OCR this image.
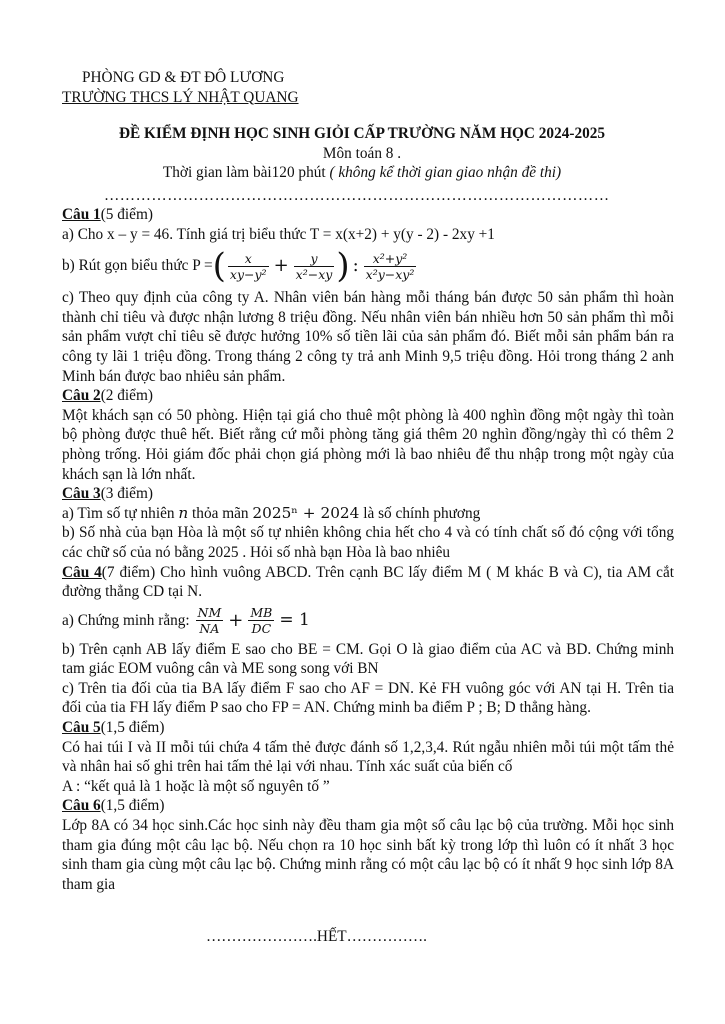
PHÒNG GD & ĐT ĐÔ LƯƠNG
TRƯỜNG THCS LÝ NHẬT QUANG
ĐỀ KIỂM ĐỊNH HỌC SINH GIỎI CẤP TRƯỜNG NĂM HỌC 2024-2025
Môn toán 8 .
Thời gian làm bài120 phút ( không kể thời gian giao nhận đề thi)
……………………………………………………………………………………
Câu 1(5 điểm)

a) Cho x – y = 46. Tính giá trị biểu thức T = x(x+2) + y(y - 2) - 2xy +1

b) Rút gọn biểu thức P = ( $\frac{x}{\text{xy−y²}} + \frac{y}{\text{x²−xy}}$ ) : $\frac{\text{x²+y²}}{\text{x²y−xy²}}$

c) Theo quy định của công ty A. Nhân viên bán hàng mỗi tháng bán được 50 sản phẩm thì hoàn thành chỉ tiêu và được nhận lương 8 triệu đồng. Nếu nhân viên bán nhiều hơn 50 sản phẩm thì mỗi sản phẩm vượt chỉ tiêu sẽ được hưởng 10% số tiền lãi của sản phẩm đó. Biết mỗi sản phẩm bán ra công ty lãi 1 triệu đồng. Trong tháng 2 công ty trả anh Minh 9,5 triệu đồng. Hỏi trong tháng 2 anh Minh bán được bao nhiêu sản phẩm.

Câu 2(2 điểm)

Một khách sạn có 50 phòng. Hiện tại giá cho thuê một phòng là 400 nghìn đồng một ngày thì toàn bộ phòng được thuê hết. Biết rằng cứ mỗi phòng tăng giá thêm 20 nghìn đồng/ngày thì có thêm 2 phòng trống. Hỏi giám đốc phải chọn giá phòng mới là bao nhiêu để thu nhập trong một ngày của khách sạn là lớn nhất.

Câu 3(3 điểm)

a) Tìm số tự nhiên n thỏa mãn 2025ⁿ + 2024 là số chính phương

b) Số nhà của bạn Hòa là một số tự nhiên không chia hết cho 4 và có tính chất số đó cộng với tổng các chữ số của nó bằng 2025 . Hỏi số nhà bạn Hòa là bao nhiêu

Câu 4(7 điểm) Cho hình vuông ABCD. Trên cạnh BC lấy điểm M ( M khác B và C), tia AM cắt đường thẳng CD tại N.

a) Chứng minh rằng:
$\frac{NM}{NA} + \frac{MB}{DC} = 1$

b) Trên cạnh AB lấy điểm E sao cho BE = CM. Gọi O là giao điểm của AC và BD. Chứng minh tam giác EOM vuông cân và ME song song với BN

c) Trên tia đối của tia BA lấy điểm F sao cho AF = DN. Kẻ FH vuông góc với AN tại H. Trên tia đối của tia FH lấy điểm P sao cho FP = AN. Chứng minh ba điểm P ; B; D thẳng hàng.

Câu 5(1,5 điểm)

Có hai túi I và II mỗi túi chứa 4 tấm thẻ được đánh số 1,2,3,4. Rút ngẫu nhiên mỗi túi một tấm thẻ và nhân hai số ghi trên hai tấm thẻ lại với nhau. Tính xác suất của biến cố

A : “kết quả là 1 hoặc là một số nguyên tố ”

Câu 6(1,5 điểm)

Lớp 8A có 34 học sinh.Các học sinh này đều tham gia một số câu lạc bộ của trường. Mỗi học sinh tham gia đúng một câu lạc bộ. Nếu chọn ra 10 học sinh bất kỳ trong lớp thì luôn có ít nhất 3 học sinh tham gia cùng một câu lạc bộ. Chứng minh rằng có một câu lạc bộ có ít nhất 9 học sinh lớp 8A tham gia

………………….HẾT…………….
